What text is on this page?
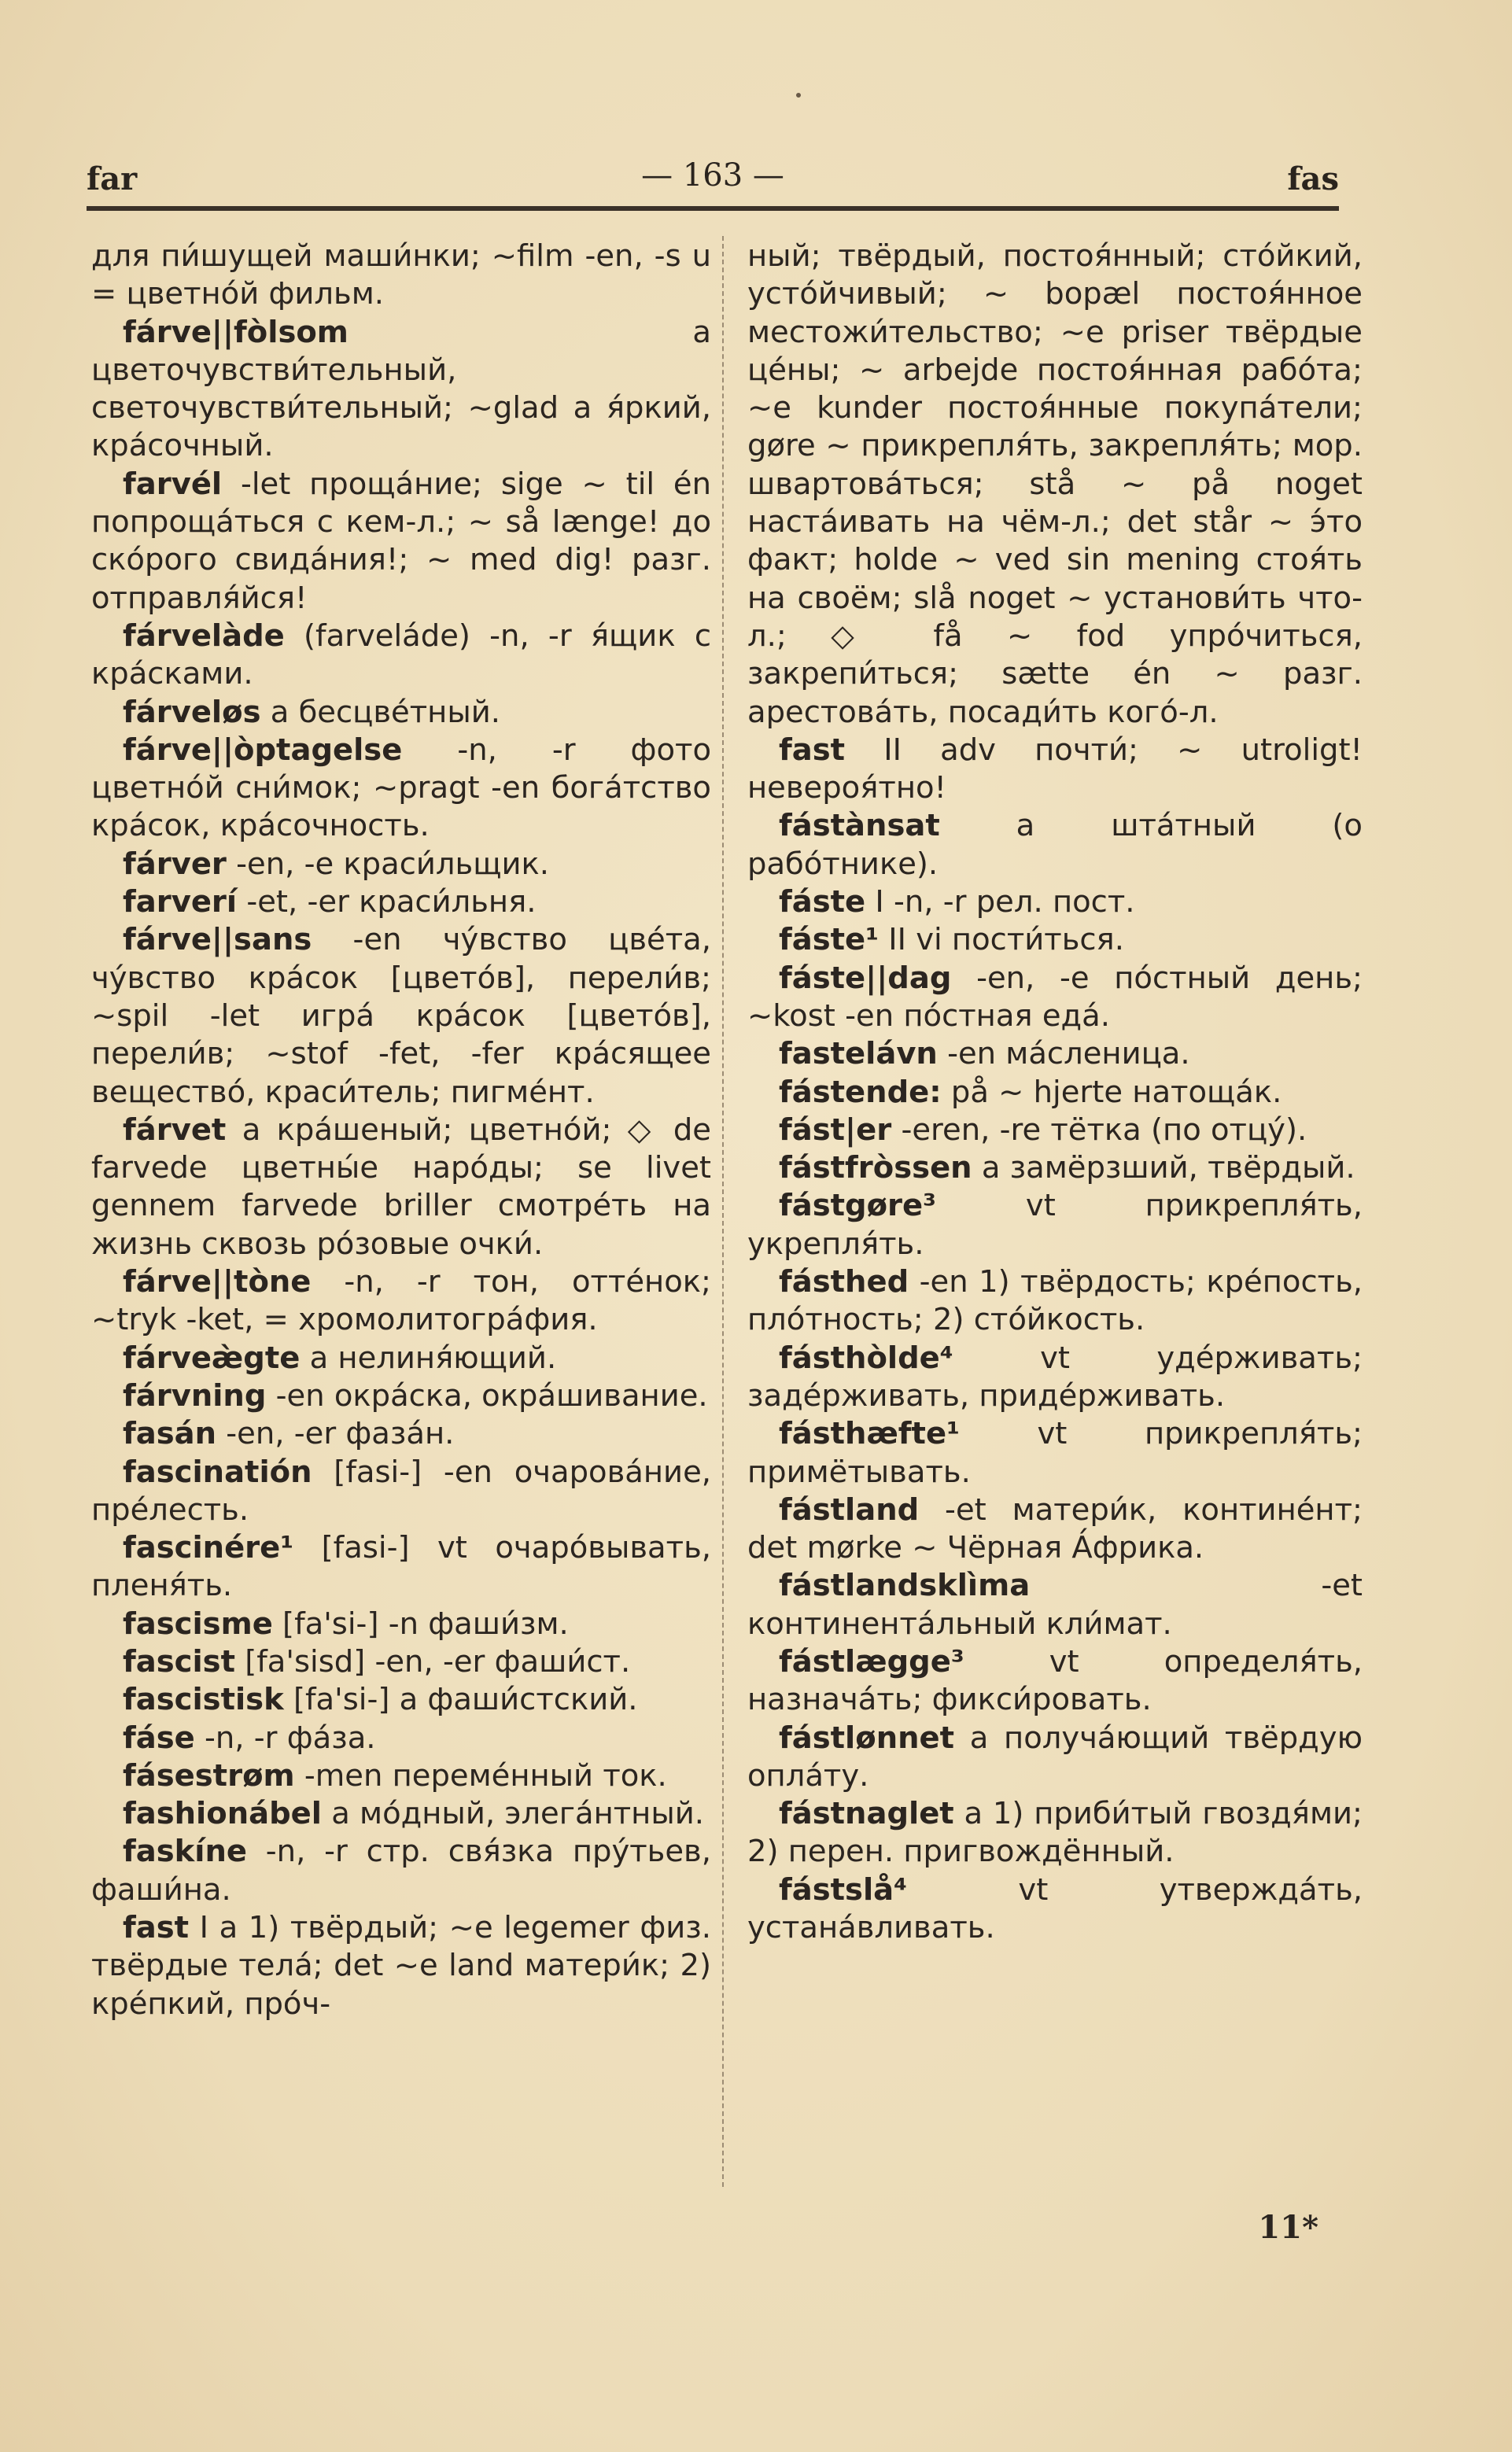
far	— 163 —	fas

для пи́шущей маши́нки; ~film -en, -s u = цветно́й фильм.

fárve||fòlsom a цветочувстви́тельный, светочувстви́тельный; ~glad a я́ркий, кра́сочный.

farvél -let проща́ние; sige ~ til én попроща́ться с кем-л.; ~ så længe! до ско́рого свида́ния!; ~ med dig! разг. отправля́йся!

fárvelàde (farveláde) -n, -r я́щик с кра́сками.

fárveløs a бесцве́тный.

fárve||òptagelse -n, -r фото цветно́й сни́мок; ~pragt -en бога́тство кра́сок, кра́сочность.

fárver -en, -e краси́льщик.

farverí -et, -er краси́льня.

fárve||sans -en чу́вство цве́та, чу́вство кра́сок [цвето́в], перели́в; ~spil -let игра́ кра́сок [цвето́в], перели́в; ~stof -fet, -fer кра́сящее вещество́, краси́тель; пигме́нт.

fárvet a кра́шеный; цветно́й; ◇ de farvede цветны́е наро́ды; se livet gennem farvede briller смотре́ть на жизнь сквозь ро́зовые очки́.

fárve||tòne -n, -r тон, отте́нок; ~tryk -ket, = хромолитогра́фия.

fárveæ̀gte a нелиня́ющий.

fárvning -en окра́ска, окра́шивание.

fasán -en, -er фаза́н.

fascinatión [fasi-] -en очарова́ние, пре́лесть.

fascinére¹ [fasi-] vt очаро́вывать, пленя́ть.

fascisme [fa'si-] -n фаши́зм.

fascist [fa'sisd] -en, -er фаши́ст.

fascistisk [fa'si-] a фаши́стский.

fáse -n, -r фа́за.

fásestrøm -men переме́нный ток.

fashionábel a мо́дный, элега́нтный.

faskíne -n, -r стр. свя́зка пру́тьев, фаши́на.

fast I a 1) твёрдый; ~e legemer физ. твёрдые тела́; det ~e land матери́к; 2) кре́пкий, про́ч-

ный; твёрдый, постоя́нный; сто́йкий, усто́йчивый; ~ bopæl постоя́нное местожи́тельство; ~e priser твёрдые це́ны; ~ arbejde постоя́нная рабо́та; ~e kunder постоя́нные покупа́тели; gøre ~ прикрепля́ть, закрепля́ть; мор. швартова́ться; stå ~ på noget наста́ивать на чём-л.; det står ~ э́то факт; holde ~ ved sin mening стоя́ть на своём; slå noget ~ установи́ть что-л.; ◇ få ~ fod упро́читься, закрепи́ться; sætte én ~ разг. арестова́ть, посади́ть кого́-л.

fast II adv почти́; ~ utroligt! невероя́тно!

fástànsat a шта́тный (о рабо́тнике).

fáste I -n, -r рел. пост.

fáste¹ II vi пости́ться.

fáste||dag -en, -e по́стный день; ~kost -en по́стная еда́.

fastelávn -en ма́сленица.

fástende: på ~ hjerte натоща́к.

fást|er -eren, -re тётка (по отцу́).

fástfròssen a замёрзший, твёрдый.

fástgøre³ vt прикрепля́ть, укрепля́ть.

fásthed -en 1) твёрдость; кре́пость, пло́тность; 2) сто́йкость.

fásthòlde⁴ vt удéрживать; заде́рживать, приде́рживать.

fásthæfte¹ vt прикрепля́ть; примётывать.

fástland -et матери́к, контине́нт; det mørke ~ Чёрная А́фрика.

fástlandsklìma -et континента́льный кли́мат.

fástlægge³ vt определя́ть, назнача́ть; фикси́ровать.

fástlønnet a получа́ющий твёрдую опла́ту.

fástnaglet a 1) приби́тый гвоздя́ми; 2) перен. пригвождённый.

fástslå⁴ vt утвержда́ть, устана́вливать.

11*
